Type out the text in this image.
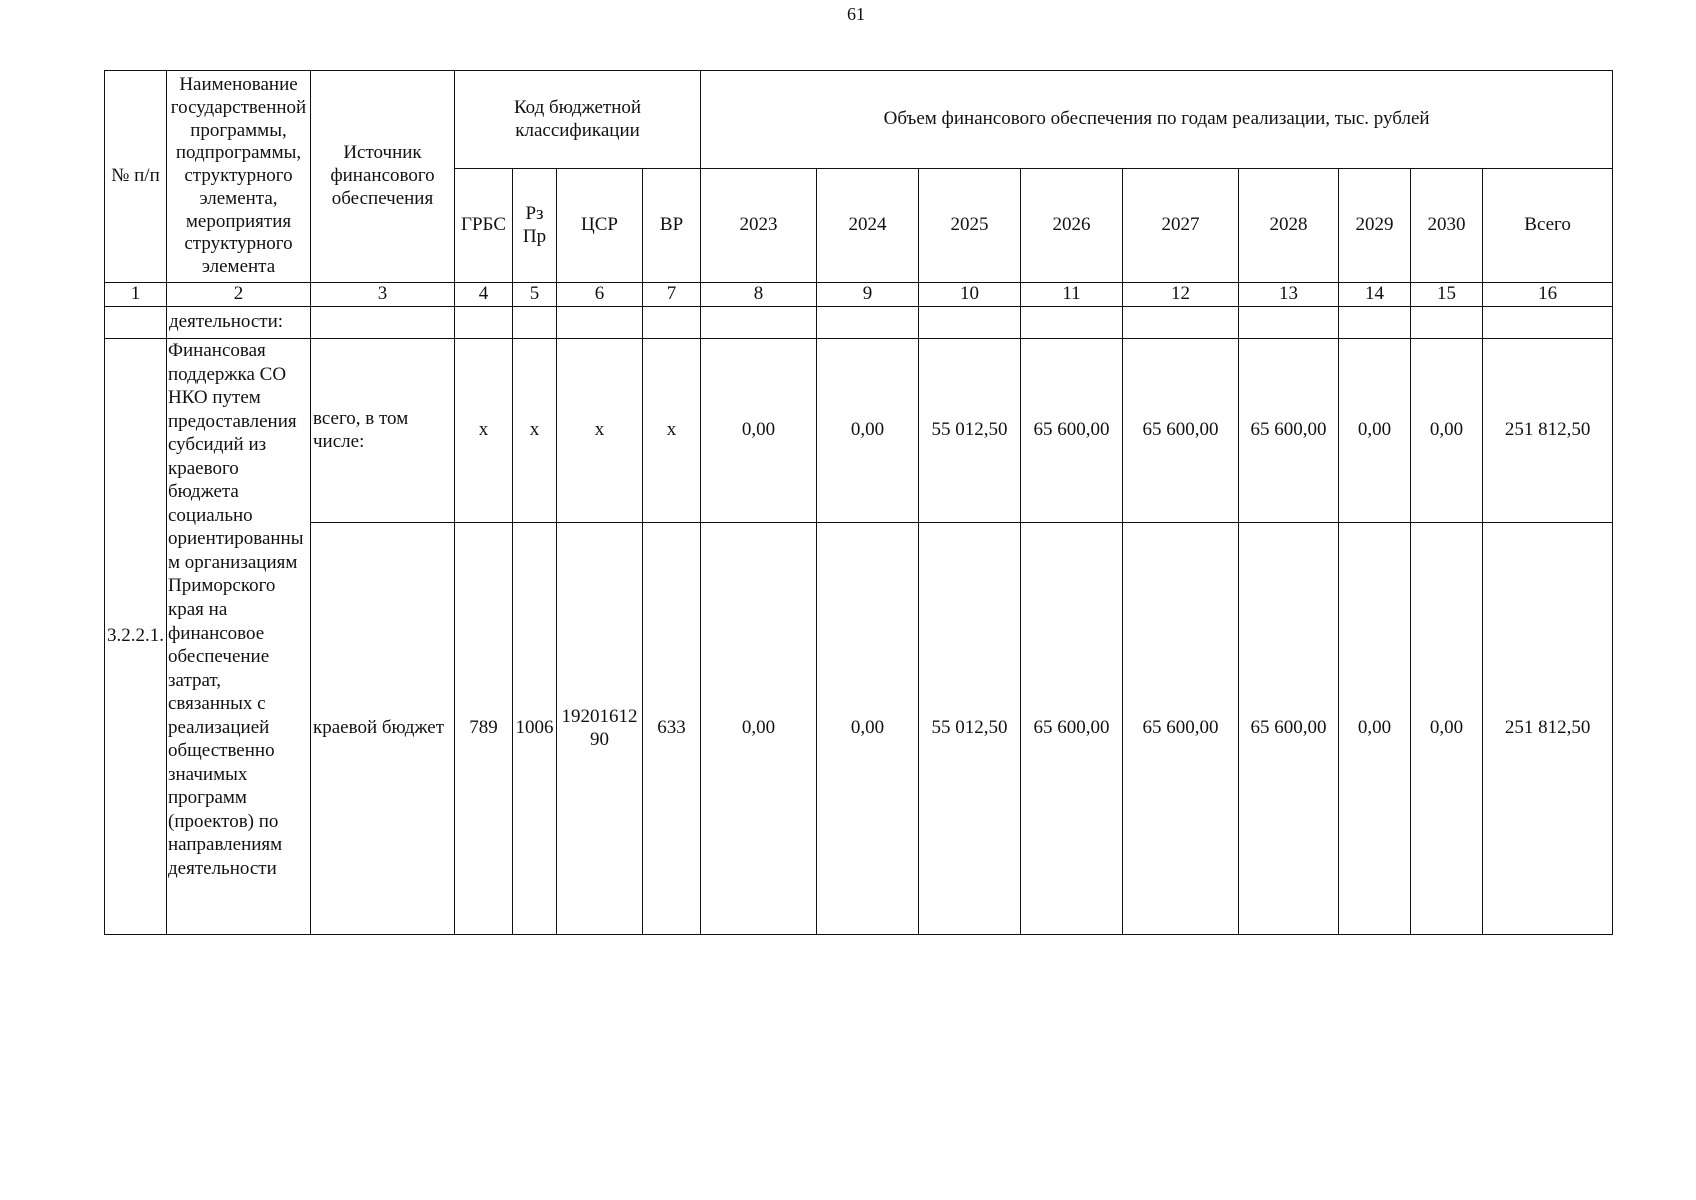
61
№ п/п	Наименование государственной программы, подпрограммы, структурного элемента, мероприятия структурного элемента	Источник финансового обеспечения	Код бюджетной классификации				Объем финансового обеспечения по годам реализации, тыс. рублей								
			ГРБС	Рз Пр	ЦСР	ВР	2023	2024	2025	2026	2027	2028	2029	2030	Всего
1	2	3	4	5	6	7	8	9	10	11	12	13	14	15	16
	деятельности:														
3.2.2.1.	Финансовая поддержка СО НКО путем предоставления субсидий из краевого бюджета социально ориентированным организациям Приморского края на финансовое обеспечение затрат, связанных с реализацией общественно значимых программ (проектов) по направлениям деятельности	всего, в том числе:	x	x	x	x	0,00	0,00	55 012,50	65 600,00	65 600,00	65 600,00	0,00	0,00	251 812,50
		краевой бюджет	789	1006	1920161290	633	0,00	0,00	55 012,50	65 600,00	65 600,00	65 600,00	0,00	0,00	251 812,50
